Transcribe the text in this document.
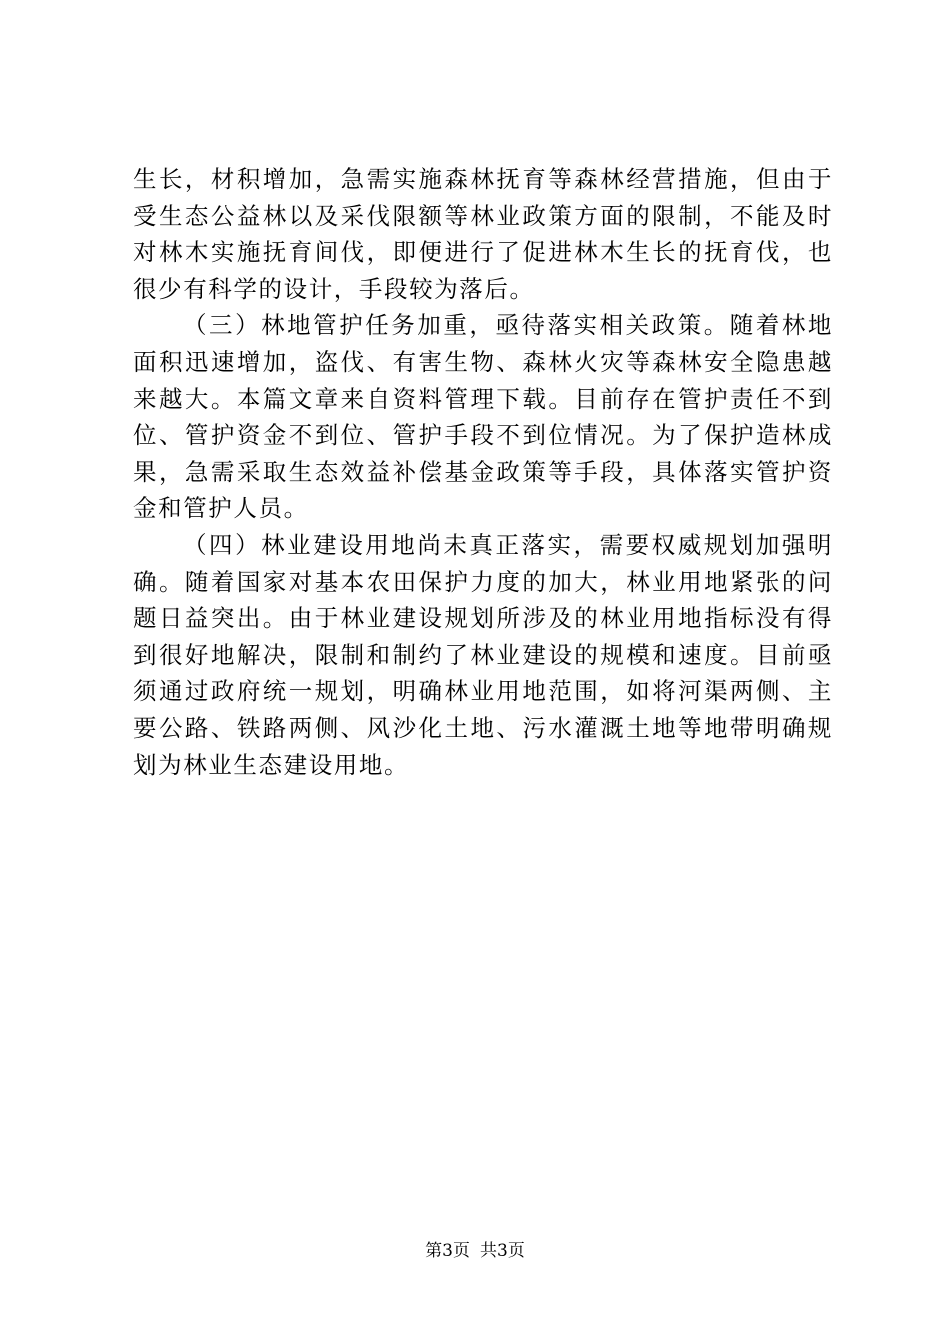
生长，材积增加，急需实施森林抚育等森林经营措施，但由于受生态公益林以及采伐限额等林业政策方面的限制，不能及时对林木实施抚育间伐，即便进行了促进林木生长的抚育伐，也很少有科学的设计，手段较为落后。

（三）林地管护任务加重，亟待落实相关政策。随着林地面积迅速增加，盗伐、有害生物、森林火灾等森林安全隐患越来越大。本篇文章来自资料管理下载。目前存在管护责任不到位、管护资金不到位、管护手段不到位情况。为了保护造林成果，急需采取生态效益补偿基金政策等手段，具体落实管护资金和管护人员。

（四）林业建设用地尚未真正落实，需要权威规划加强明确。随着国家对基本农田保护力度的加大，林业用地紧张的问题日益突出。由于林业建设规划所涉及的林业用地指标没有得到很好地解决，限制和制约了林业建设的规模和速度。目前亟须通过政府统一规划，明确林业用地范围，如将河渠两侧、主要公路、铁路两侧、风沙化土地、污水灌溉土地等地带明确规划为林业生态建设用地。

第3页 共3页
